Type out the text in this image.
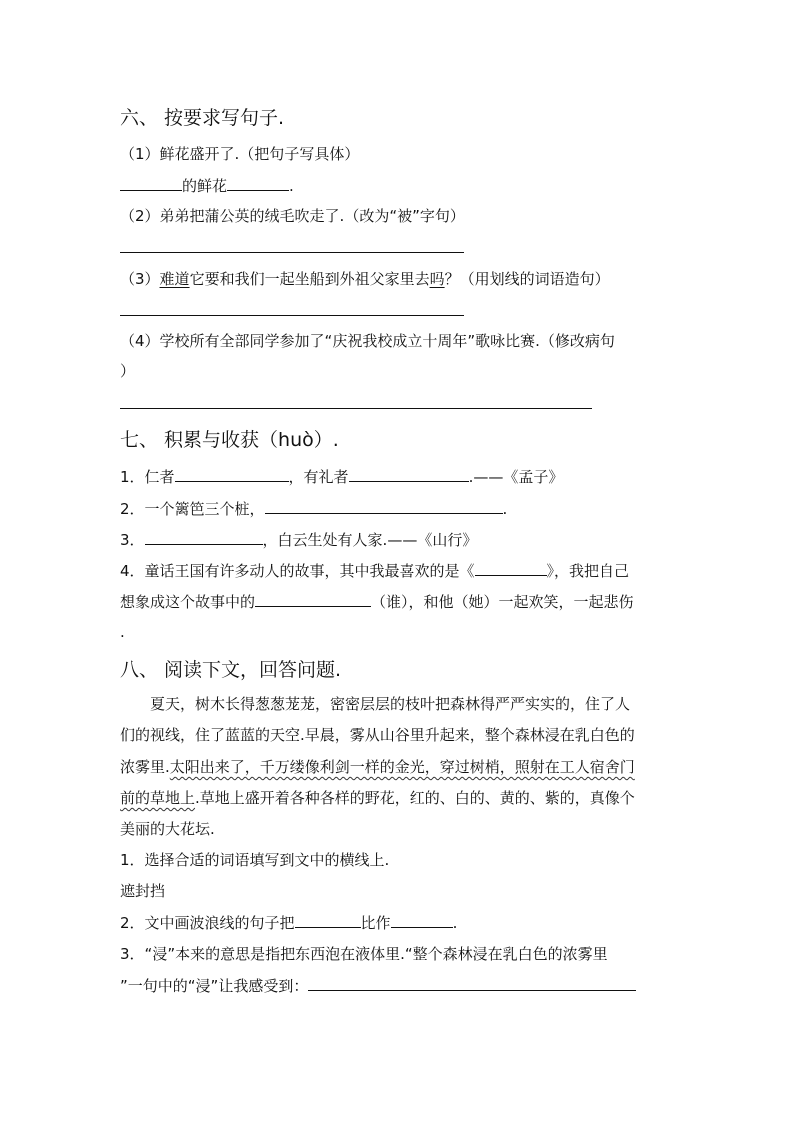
六、 按要求写句子.
（1）鲜花盛开了.（把句子写具体）
的鲜花	.
（2）弟弟把蒲公英的绒毛吹走了.（改为“被”字句）
（3）难道它要和我们一起坐船到外祖父家里去吗？（用划线的词语造句）
（4）学校所有全部同学参加了“庆祝我校成立十周年”歌咏比赛.（修改病句
）
七、 积累与收获（huò）.
1．仁者	，有礼者	.——《孟子》
2．一个篱笆三个桩，	.
3．	，白云生处有人家.——《山行》
4．童话王国有许多动人的故事，其中我最喜欢的是《	》，我把自己
想象成这个故事中的	（谁），和他（她）一起欢笑，一起悲伤
.
八、 阅读下文，回答问题.
夏天，树木长得葱葱茏茏，密密层层的枝叶把森林得严严实实的，住了人
们的视线，住了蓝蓝的天空.早晨，雾从山谷里升起来，整个森林浸在乳白色的
浓雾里.太阳出来了，千万缕像利剑一样的金光，穿过树梢，照射在工人宿舍门
前的草地上.草地上盛开着各种各样的野花，红的、白的、黄的、紫的，真像个
美丽的大花坛.
1．选择合适的词语填写到文中的横线上.
遮封挡
2．文中画波浪线的句子把	比作	.
3．“浸”本来的意思是指把东西泡在液体里.“整个森林浸在乳白色的浓雾里
”一句中的“浸”让我感受到：
